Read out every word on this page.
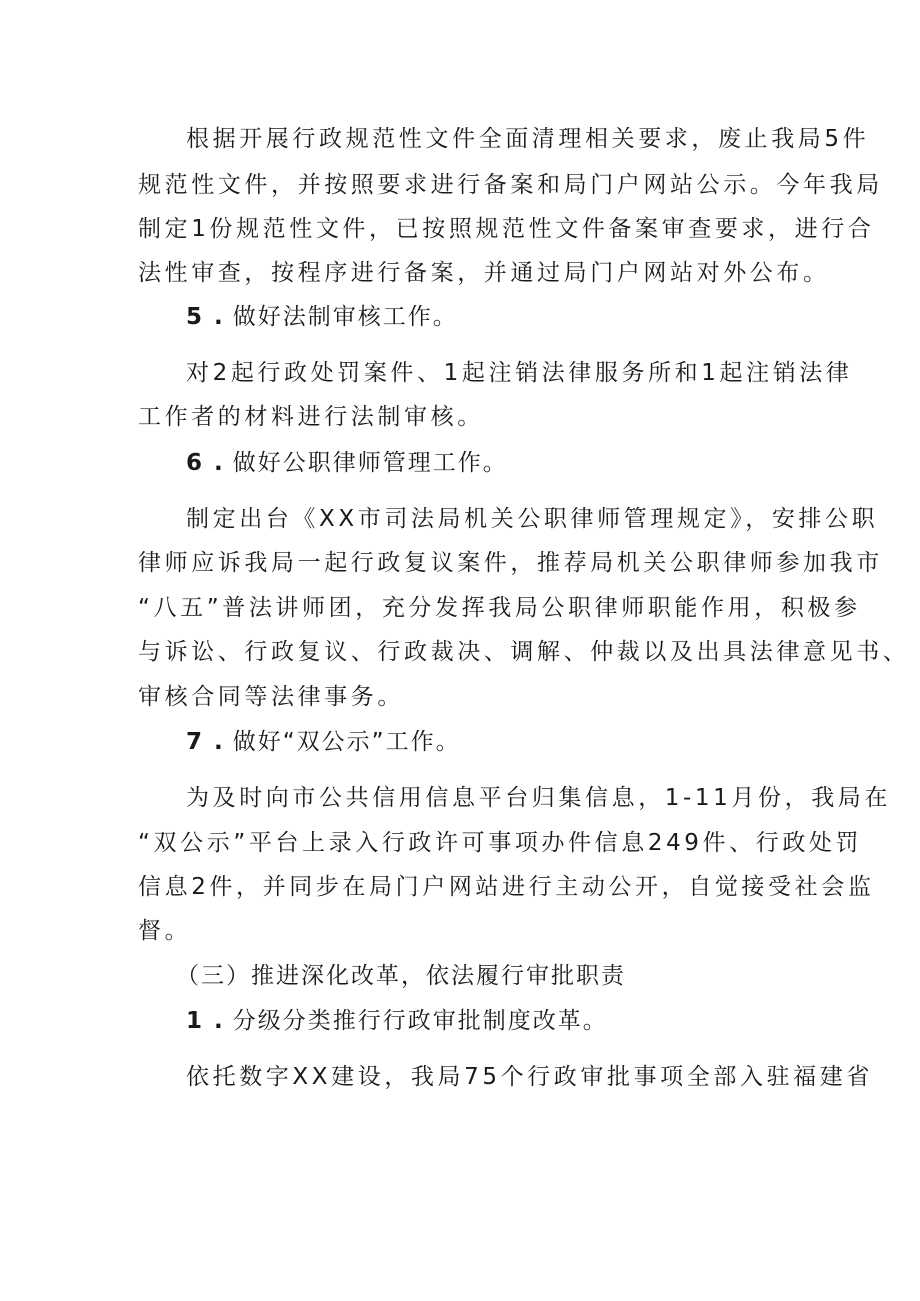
根据开展行政规范性文件全面清理相关要求，废止我局5件
规范性文件，并按照要求进行备案和局门户网站公示。今年我局
制定1份规范性文件，已按照规范性文件备案审查要求，进行合
法性审查，按程序进行备案，并通过局门户网站对外公布。
5 . 做好法制审核工作。
对2起行政处罚案件、1起注销法律服务所和1起注销法律
工作者的材料进行法制审核。
6 . 做好公职律师管理工作。
制定出台《XX市司法局机关公职律师管理规定》，安排公职
律师应诉我局一起行政复议案件，推荐局机关公职律师参加我市
“八五”普法讲师团，充分发挥我局公职律师职能作用，积极参
与诉讼、行政复议、行政裁决、调解、仲裁以及出具法律意见书、
审核合同等法律事务。
7 . 做好“双公示”工作。
为及时向市公共信用信息平台归集信息，1-11月份，我局在
“双公示”平台上录入行政许可事项办件信息249件、行政处罚
信息2件，并同步在局门户网站进行主动公开，自觉接受社会监
督。
（三）推进深化改革，依法履行审批职责
1 . 分级分类推行行政审批制度改革。
依托数字XX建设，我局75个行政审批事项全部入驻福建省
